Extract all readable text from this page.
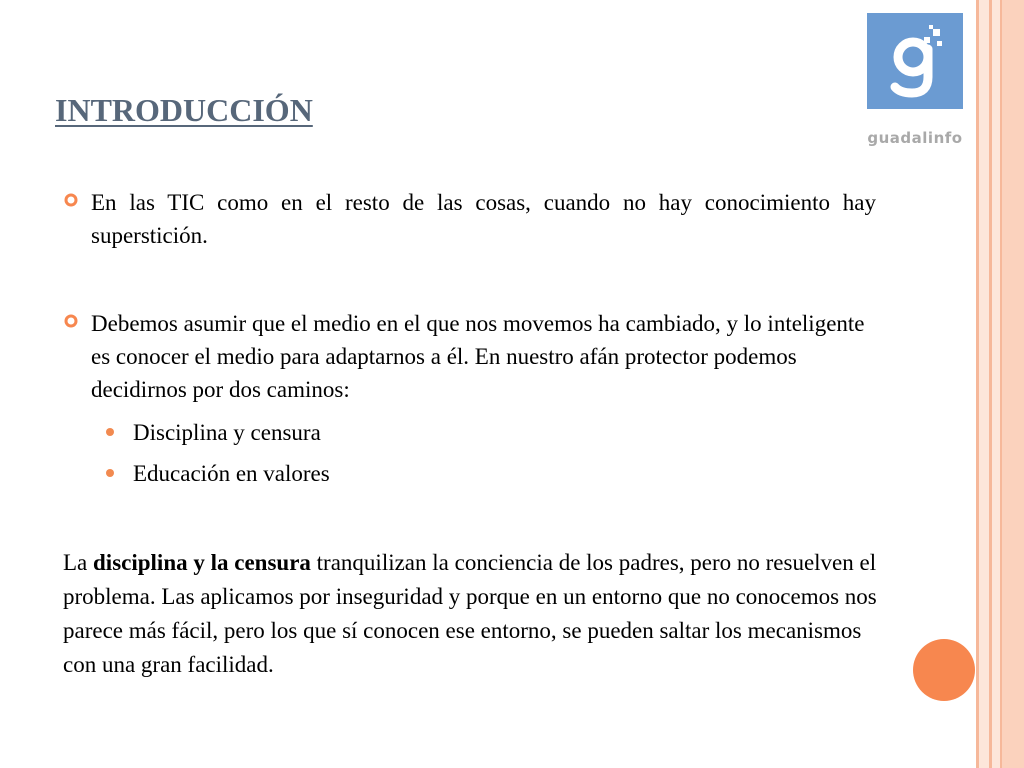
guadalinfo
INTRODUCCIÓN
En las TIC como en el resto de las cosas, cuando no hay conocimiento hay superstición.
Debemos asumir que el medio en el que nos movemos ha cambiado, y lo inteligente es conocer el medio para adaptarnos a él. En nuestro afán protector podemos decidirnos por dos caminos:
Disciplina y censura
Educación en valores

La disciplina y la censura tranquilizan la conciencia de los padres, pero no resuelven el problema. Las aplicamos por inseguridad y porque en un entorno que no conocemos nos parece más fácil, pero los que sí conocen ese entorno, se pueden saltar los mecanismos con una gran facilidad.
